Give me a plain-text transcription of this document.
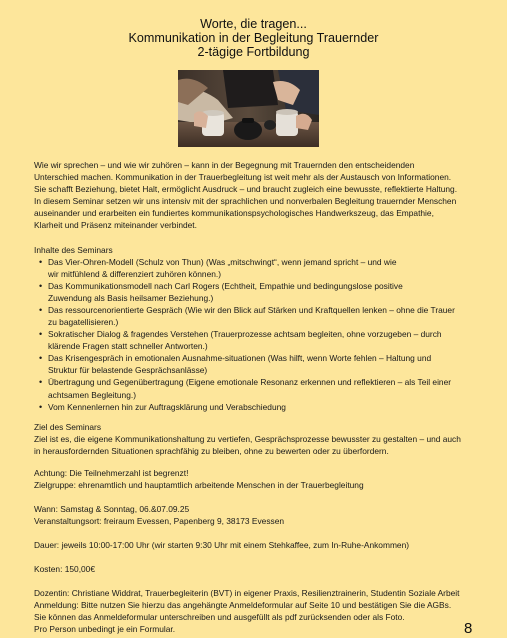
Worte, die tragen...
Kommunikation in der Begleitung Trauernder
2-tägige Fortbildung
Wie wir sprechen – und wie wir zuhören – kann in der Begegnung mit Trauernden den entscheidenden
Unterschied machen. Kommunikation in der Trauerbegleitung ist weit mehr als der Austausch von Informationen.
Sie schafft Beziehung, bietet Halt, ermöglicht Ausdruck – und braucht zugleich eine bewusste, reflektierte Haltung.
In diesem Seminar setzen wir uns intensiv mit der sprachlichen und nonverbalen Begleitung trauernder Menschen
auseinander und erarbeiten ein fundiertes kommunikationspsychologisches Handwerkszeug, das Empathie,
Klarheit und Präsenz miteinander verbindet.
Inhalte des Seminars
• Das Vier-Ohren-Modell (Schulz von Thun) (Was „mitschwingt“, wenn jemand spricht – und wie
wir mitfühlend & differenziert zuhören können.)
• Das Kommunikationsmodell nach Carl Rogers (Echtheit, Empathie und bedingungslose positive
Zuwendung als Basis heilsamer Beziehung.)
• Das ressourcenorientierte Gespräch (Wie wir den Blick auf Stärken und Kraftquellen lenken – ohne die Trauer
zu bagatellisieren.)
• Sokratischer Dialog & fragendes Verstehen (Trauerprozesse achtsam begleiten, ohne vorzugeben – durch
klärende Fragen statt schneller Antworten.)
• Das Krisengespräch in emotionalen Ausnahme-situationen (Was hilft, wenn Worte fehlen – Haltung und
Struktur für belastende Gesprächsanlässe)
• Übertragung und Gegenübertragung (Eigene emotionale Resonanz erkennen und reflektieren – als Teil einer
achtsamen Begleitung.)
• Vom Kennenlernen hin zur Auftragsklärung und Verabschiedung
Ziel des Seminars
Ziel ist es, die eigene Kommunikationshaltung zu vertiefen, Gesprächsprozesse bewusster zu gestalten – und auch
in herausfordernden Situationen sprachfähig zu bleiben, ohne zu bewerten oder zu überfordern.
Achtung: Die Teilnehmerzahl ist begrenzt!
Zielgruppe: ehrenamtlich und hauptamtlich arbeitende Menschen in der Trauerbegleitung
Wann: Samstag & Sonntag, 06.&07.09.25
Veranstaltungsort: freiraum Evessen, Papenberg 9, 38173 Evessen
Dauer: jeweils 10:00-17:00 Uhr (wir starten 9:30 Uhr mit einem Stehkaffee, zum In-Ruhe-Ankommen)
Kosten: 150,00€
Dozentin: Christiane Widdrat, Trauerbegleiterin (BVT) in eigener Praxis, Resilienztrainerin, Studentin Soziale Arbeit
Anmeldung: Bitte nutzen Sie hierzu das angehängte Anmeldeformular auf Seite 10 und bestätigen Sie die AGBs.
Sie können das Anmeldeformular unterschreiben und ausgefüllt als pdf zurücksenden oder als Foto.
Pro Person unbedingt je ein Formular.	8
